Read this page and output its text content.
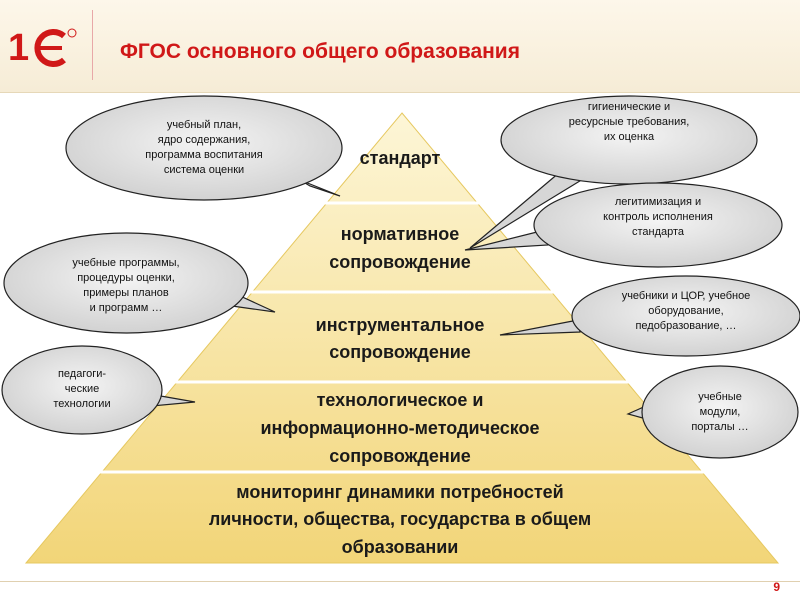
1	ФГОС основного общего образования
стандарт
нормативное
сопровождение
инструментальное
сопровождение
технологическое и
информационно-методическое
сопровождение
мониторинг динамики потребностей
личности, общества, государства в общем
образовании
учебный план,
ядро содержания,
программа воспитания
система оценки
гигиенические и
ресурсные требования,
их оценка
легитимизация и
контроль исполнения
стандарта
учебные программы,
процедуры оценки,
примеры планов
и программ …
учебники и ЦОР, учебное
оборудование,
педобразование, …
педагоги-
ческие
технологии
учебные
модули,
порталы …
9
